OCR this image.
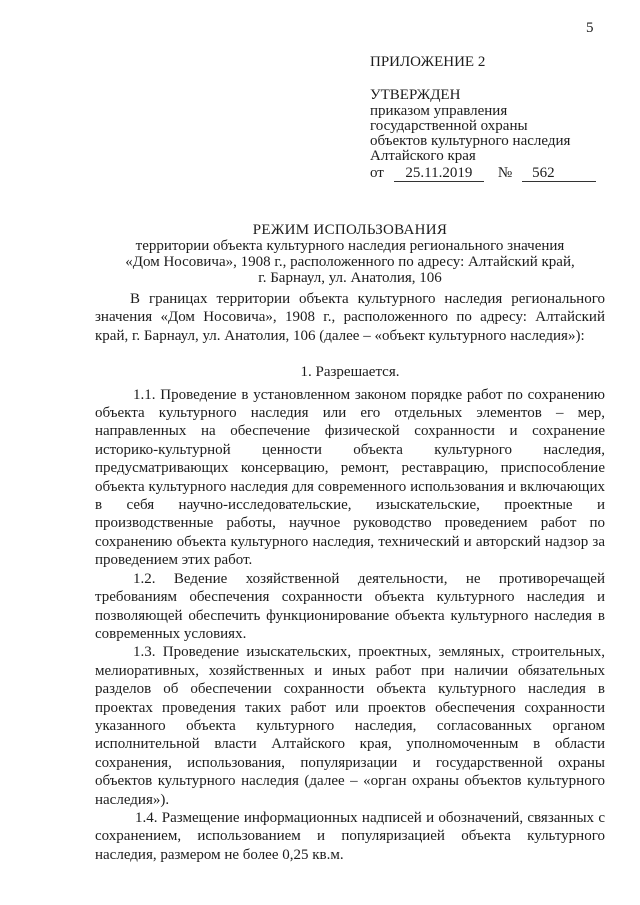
5
ПРИЛОЖЕНИЕ 2
УТВЕРЖДЕН
приказом управления
государственной охраны
объектов культурного наследия
Алтайского края
от	25.11.2019	№	562
РЕЖИМ ИСПОЛЬЗОВАНИЯ
территории объекта культурного наследия регионального значения
«Дом Носовича», 1908 г., расположенного по адресу: Алтайский край,
г. Барнаул, ул. Анатолия, 106

В границах территории объекта культурного наследия регионального значения «Дом Носовича», 1908 г., расположенного по адресу: Алтайский край, г. Барнаул, ул. Анатолия, 106 (далее – «объект культурного наследия»):

1. Разрешается.

1.1. Проведение в установленном законом порядке работ по сохранению объекта культурного наследия или его отдельных элементов – мер, направленных на обеспечение физической сохранности и сохранение историко-культурной ценности объекта культурного наследия, предусматривающих консервацию, ремонт, реставрацию, приспособление объекта культурного наследия для современного использования и включающих в себя научно-исследовательские, изыскательские, проектные и производственные работы, научное руководство проведением работ по сохранению объекта культурного наследия, технический и авторский надзор за проведением этих работ.

1.2. Ведение хозяйственной деятельности, не противоречащей требованиям обеспечения сохранности объекта культурного наследия и позволяющей обеспечить функционирование объекта культурного наследия в современных условиях.

1.3. Проведение изыскательских, проектных, земляных, строительных, мелиоративных, хозяйственных и иных работ при наличии обязательных разделов об обеспечении сохранности объекта культурного наследия в проектах проведения таких работ или проектов обеспечения сохранности указанного объекта культурного наследия, согласованных органом исполнительной власти Алтайского края, уполномоченным в области сохранения, использования, популяризации и государственной охраны объектов культурного наследия (далее – «орган охраны объектов культурного наследия»).

1.4. Размещение информационных надписей и обозначений, связанных с сохранением, использованием и популяризацией объекта культурного наследия, размером не более 0,25 кв.м.
